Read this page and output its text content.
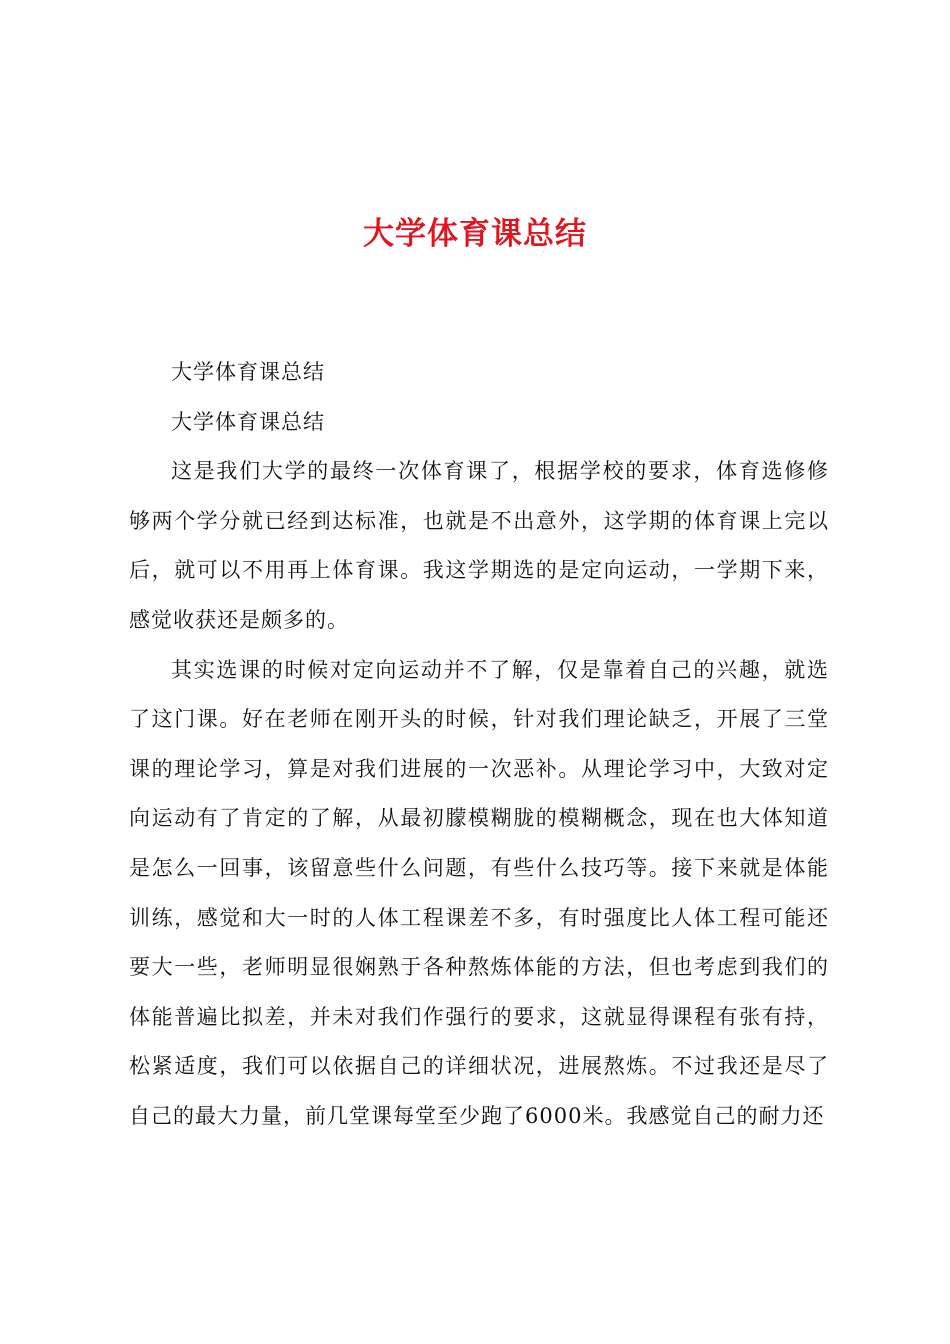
大学体育课总结

大学体育课总结

大学体育课总结

这是我们大学的最终一次体育课了，根据学校的要求，体育选修修够两个学分就已经到达标准，也就是不出意外，这学期的体育课上完以后，就可以不用再上体育课。我这学期选的是定向运动，一学期下来，感觉收获还是颇多的。

其实选课的时候对定向运动并不了解，仅是靠着自己的兴趣，就选了这门课。好在老师在刚开头的时候，针对我们理论缺乏，开展了三堂课的理论学习，算是对我们进展的一次恶补。从理论学习中，大致对定向运动有了肯定的了解，从最初朦模糊胧的模糊概念，现在也大体知道是怎么一回事，该留意些什么问题，有些什么技巧等。接下来就是体能训练，感觉和大一时的人体工程课差不多，有时强度比人体工程可能还要大一些，老师明显很娴熟于各种熬炼体能的方法，但也考虑到我们的体能普遍比拟差，并未对我们作强行的要求，这就显得课程有张有持，松紧适度，我们可以依据自己的详细状况，进展熬炼。不过我还是尽了自己的最大力量，前几堂课每堂至少跑了6000米。我感觉自己的耐力还
